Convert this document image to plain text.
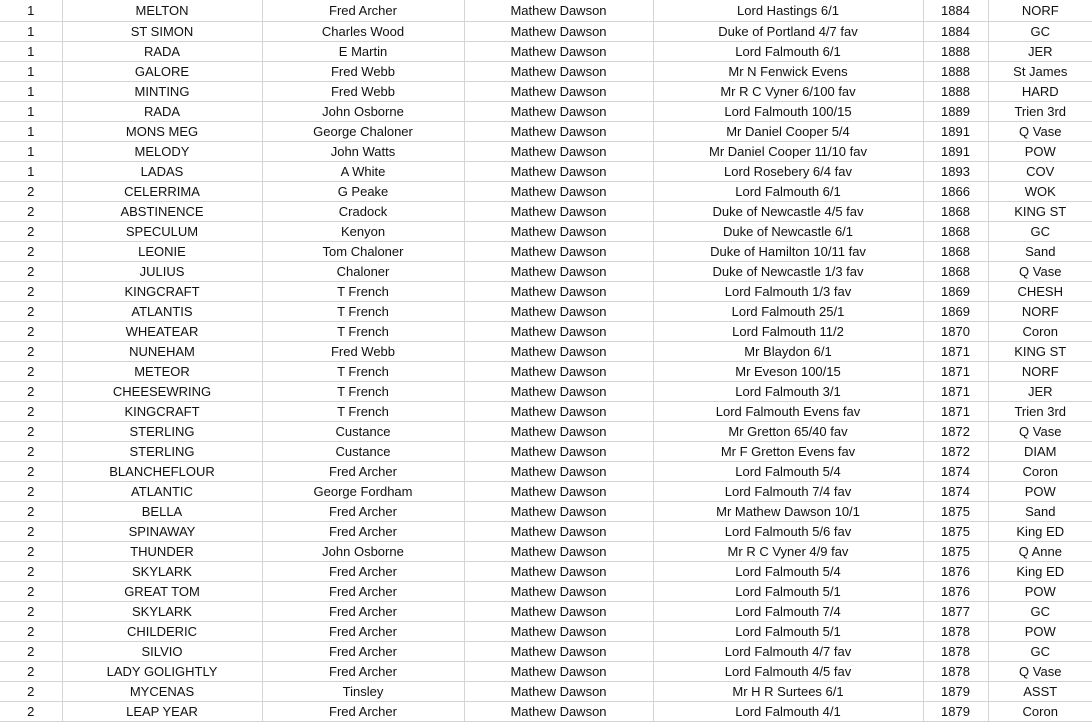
1	MELTON	Fred Archer	Mathew Dawson	Lord Hastings 6/1	1884	NORF
1	ST SIMON	Charles Wood	Mathew Dawson	Duke of Portland 4/7 fav	1884	GC
1	RADA	E Martin	Mathew Dawson	Lord Falmouth 6/1	1888	JER
1	GALORE	Fred Webb	Mathew Dawson	Mr N Fenwick Evens	1888	St James
1	MINTING	Fred Webb	Mathew Dawson	Mr R C Vyner 6/100 fav	1888	HARD
1	RADA	John Osborne	Mathew Dawson	Lord Falmouth 100/15	1889	Trien 3rd
1	MONS MEG	George Chaloner	Mathew Dawson	Mr Daniel Cooper 5/4	1891	Q Vase
1	MELODY	John Watts	Mathew Dawson	Mr Daniel Cooper 11/10 fav	1891	POW
1	LADAS	A White	Mathew Dawson	Lord Rosebery 6/4 fav	1893	COV
2	CELERRIMA	G Peake	Mathew Dawson	Lord Falmouth 6/1	1866	WOK
2	ABSTINENCE	Cradock	Mathew Dawson	Duke of Newcastle 4/5 fav	1868	KING ST
2	SPECULUM	Kenyon	Mathew Dawson	Duke of Newcastle 6/1	1868	GC
2	LEONIE	Tom Chaloner	Mathew Dawson	Duke of Hamilton 10/11 fav	1868	Sand
2	JULIUS	Chaloner	Mathew Dawson	Duke of Newcastle 1/3 fav	1868	Q Vase
2	KINGCRAFT	T French	Mathew Dawson	Lord Falmouth 1/3 fav	1869	CHESH
2	ATLANTIS	T French	Mathew Dawson	Lord Falmouth 25/1	1869	NORF
2	WHEATEAR	T French	Mathew Dawson	Lord Falmouth 11/2	1870	Coron
2	NUNEHAM	Fred Webb	Mathew Dawson	Mr Blaydon 6/1	1871	KING ST
2	METEOR	T French	Mathew Dawson	Mr Eveson 100/15	1871	NORF
2	CHEESEWRING	T French	Mathew Dawson	Lord Falmouth 3/1	1871	JER
2	KINGCRAFT	T French	Mathew Dawson	Lord Falmouth Evens fav	1871	Trien 3rd
2	STERLING	Custance	Mathew Dawson	Mr Gretton 65/40 fav	1872	Q Vase
2	STERLING	Custance	Mathew Dawson	Mr F Gretton Evens fav	1872	DIAM
2	BLANCHEFLOUR	Fred Archer	Mathew Dawson	Lord Falmouth 5/4	1874	Coron
2	ATLANTIC	George Fordham	Mathew Dawson	Lord Falmouth 7/4 fav	1874	POW
2	BELLA	Fred Archer	Mathew Dawson	Mr Mathew Dawson 10/1	1875	Sand
2	SPINAWAY	Fred Archer	Mathew Dawson	Lord Falmouth 5/6 fav	1875	King ED
2	THUNDER	John Osborne	Mathew Dawson	Mr R C Vyner 4/9 fav	1875	Q Anne
2	SKYLARK	Fred Archer	Mathew Dawson	Lord Falmouth 5/4	1876	King ED
2	GREAT TOM	Fred Archer	Mathew Dawson	Lord Falmouth 5/1	1876	POW
2	SKYLARK	Fred Archer	Mathew Dawson	Lord Falmouth 7/4	1877	GC
2	CHILDERIC	Fred Archer	Mathew Dawson	Lord Falmouth 5/1	1878	POW
2	SILVIO	Fred Archer	Mathew Dawson	Lord Falmouth 4/7 fav	1878	GC
2	LADY GOLIGHTLY	Fred Archer	Mathew Dawson	Lord Falmouth 4/5 fav	1878	Q Vase
2	MYCENAS	Tinsley	Mathew Dawson	Mr H R Surtees 6/1	1879	ASST
2	LEAP YEAR	Fred Archer	Mathew Dawson	Lord Falmouth 4/1	1879	Coron
